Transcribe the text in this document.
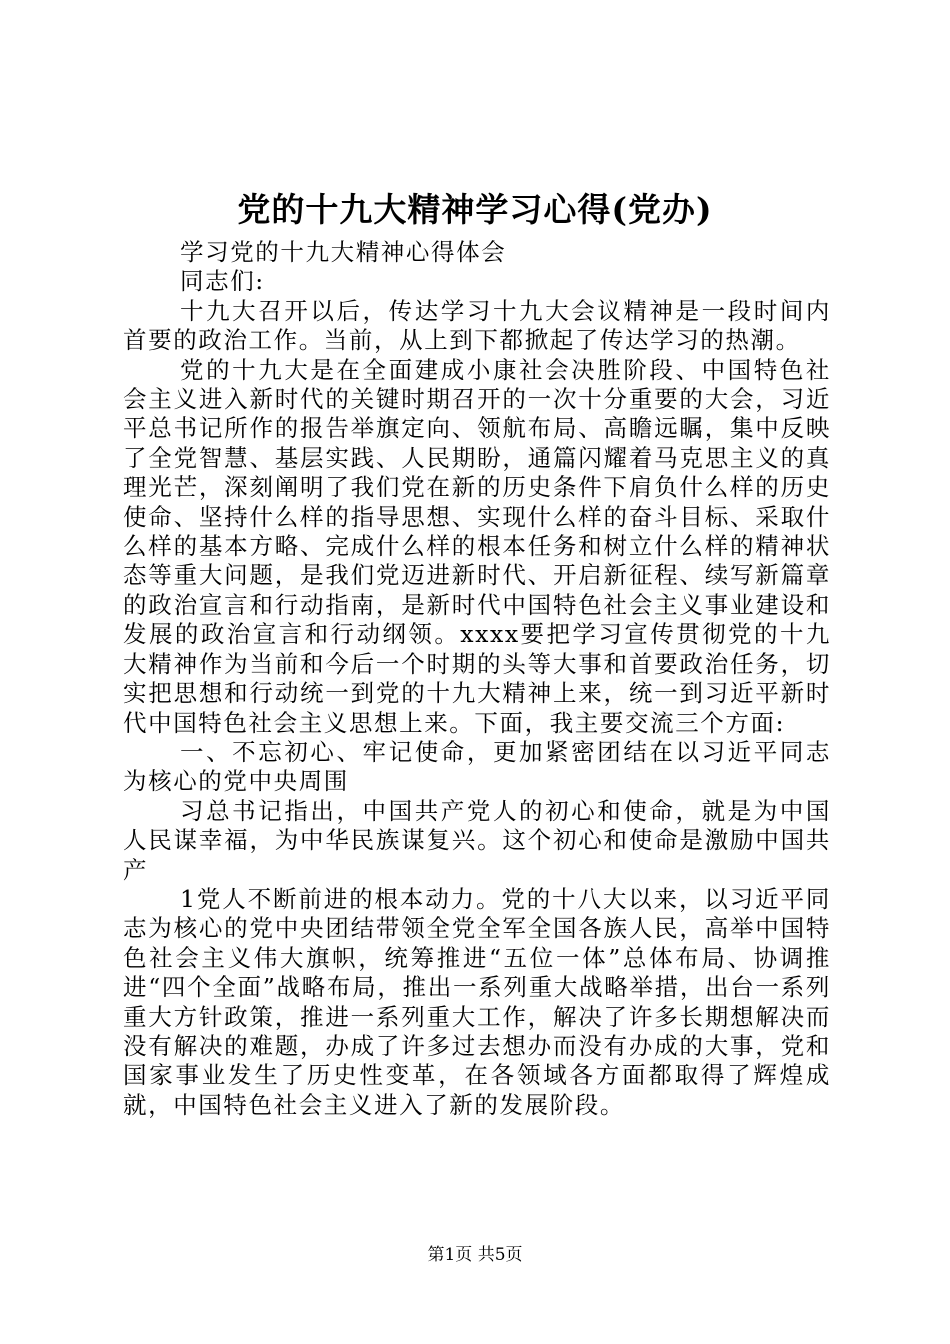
党的十九大精神学习心得(党办)

学习党的十九大精神心得体会

同志们:

十九大召开以后，传达学习十九大会议精神是一段时间内首要的政治工作。当前，从上到下都掀起了传达学习的热潮。

党的十九大是在全面建成小康社会决胜阶段、中国特色社会主义进入新时代的关键时期召开的一次十分重要的大会，习近平总书记所作的报告举旗定向、领航布局、高瞻远瞩，集中反映了全党智慧、基层实践、人民期盼，通篇闪耀着马克思主义的真理光芒，深刻阐明了我们党在新的历史条件下肩负什么样的历史使命、坚持什么样的指导思想、实现什么样的奋斗目标、采取什么样的基本方略、完成什么样的根本任务和树立什么样的精神状态等重大问题，是我们党迈进新时代、开启新征程、续写新篇章的政治宣言和行动指南，是新时代中国特色社会主义事业建设和发展的政治宣言和行动纲领。xxxx要把学习宣传贯彻党的十九大精神作为当前和今后一个时期的头等大事和首要政治任务，切实把思想和行动统一到党的十九大精神上来，统一到习近平新时代中国特色社会主义思想上来。下面，我主要交流三个方面:

一、不忘初心、牢记使命，更加紧密团结在以习近平同志为核心的党中央周围

习总书记指出，中国共产党人的初心和使命，就是为中国人民谋幸福，为中华民族谋复兴。这个初心和使命是激励中国共产

1党人不断前进的根本动力。党的十八大以来，以习近平同志为核心的党中央团结带领全党全军全国各族人民，高举中国特色社会主义伟大旗帜，统筹推进“五位一体”总体布局、协调推进“四个全面”战略布局，推出一系列重大战略举措，出台一系列重大方针政策，推进一系列重大工作，解决了许多长期想解决而没有解决的难题，办成了许多过去想办而没有办成的大事，党和国家事业发生了历史性变革，在各领域各方面都取得了辉煌成就，中国特色社会主义进入了新的发展阶段。

第1页 共5页
